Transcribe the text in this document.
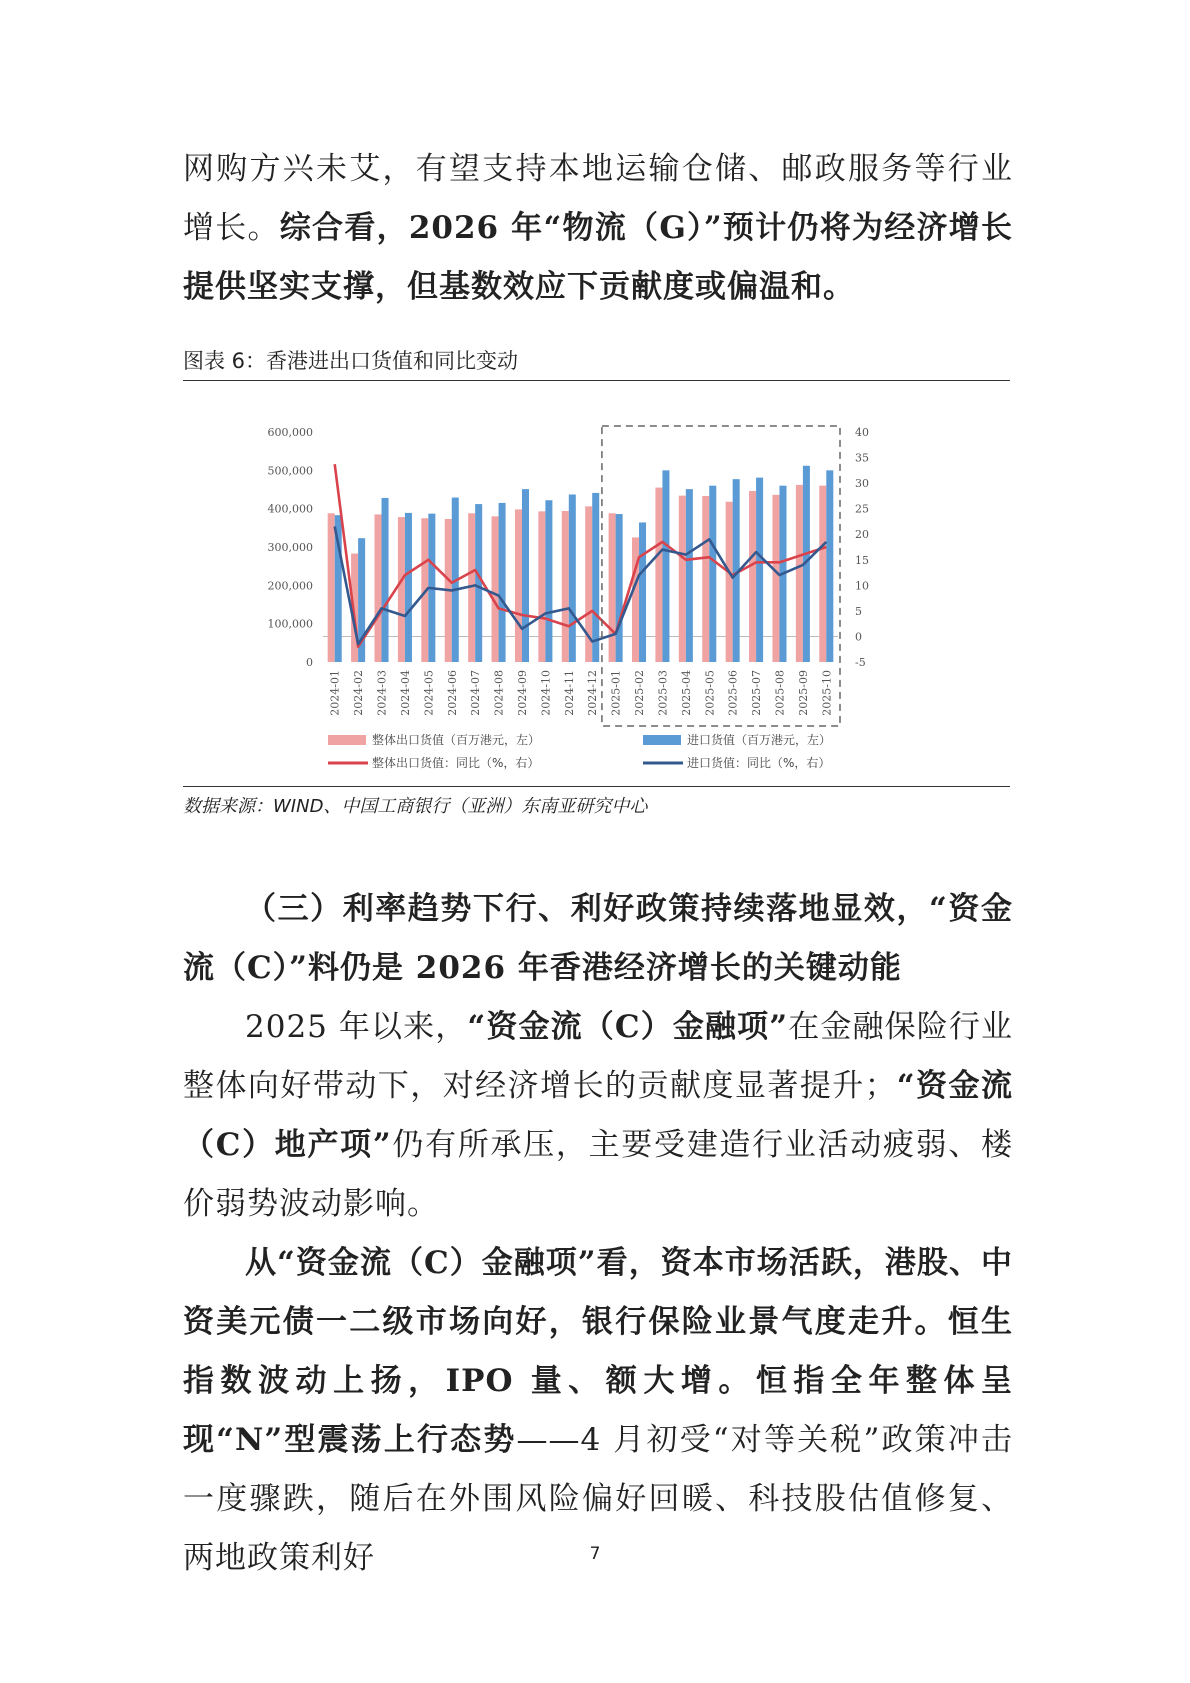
网购方兴未艾，有望支持本地运输仓储、邮政服务等行业增长。综合看，2026 年“物流（G）”预计仍将为经济增长提供坚实支撑，但基数效应下贡献度或偏温和。
图表 6：香港进出口货值和同比变动
0
100,000
200,000
300,000
400,000
500,000
600,000
-5
0
5
10
15
20
25
30
35
40
2024-01 2024-02 2024-03 2024-04 2024-05 2024-06 2024-07 2024-08 2024-09 2024-10 2024-11 2024-12 2025-01 2025-02 2025-03 2025-04 2025-05 2025-06 2025-07 2025-08 2025-09 2025-10
整体出口货值（百万港元，左）	进口货值（百万港元，左）
整体出口货值：同比（%，右）	进口货值：同比（%，右）
数据来源：WIND、中国工商银行（亚洲）东南亚研究中心
（三）利率趋势下行、利好政策持续落地显效，“资金流（C）”料仍是 2026 年香港经济增长的关键动能
2025 年以来，“资金流（C）金融项”在金融保险行业整体向好带动下，对经济增长的贡献度显著提升；“资金流（C）地产项”仍有所承压，主要受建造行业活动疲弱、楼价弱势波动影响。
从“资金流（C）金融项”看，资本市场活跃，港股、中资美元债一二级市场向好，银行保险业景气度走升。恒生指数波动上扬，IPO 量、额大增。恒指全年整体呈现“N”型震荡上行态势——4 月初受“对等关税”政策冲击一度骤跌，随后在外围风险偏好回暖、科技股估值修复、两地政策利好	7
